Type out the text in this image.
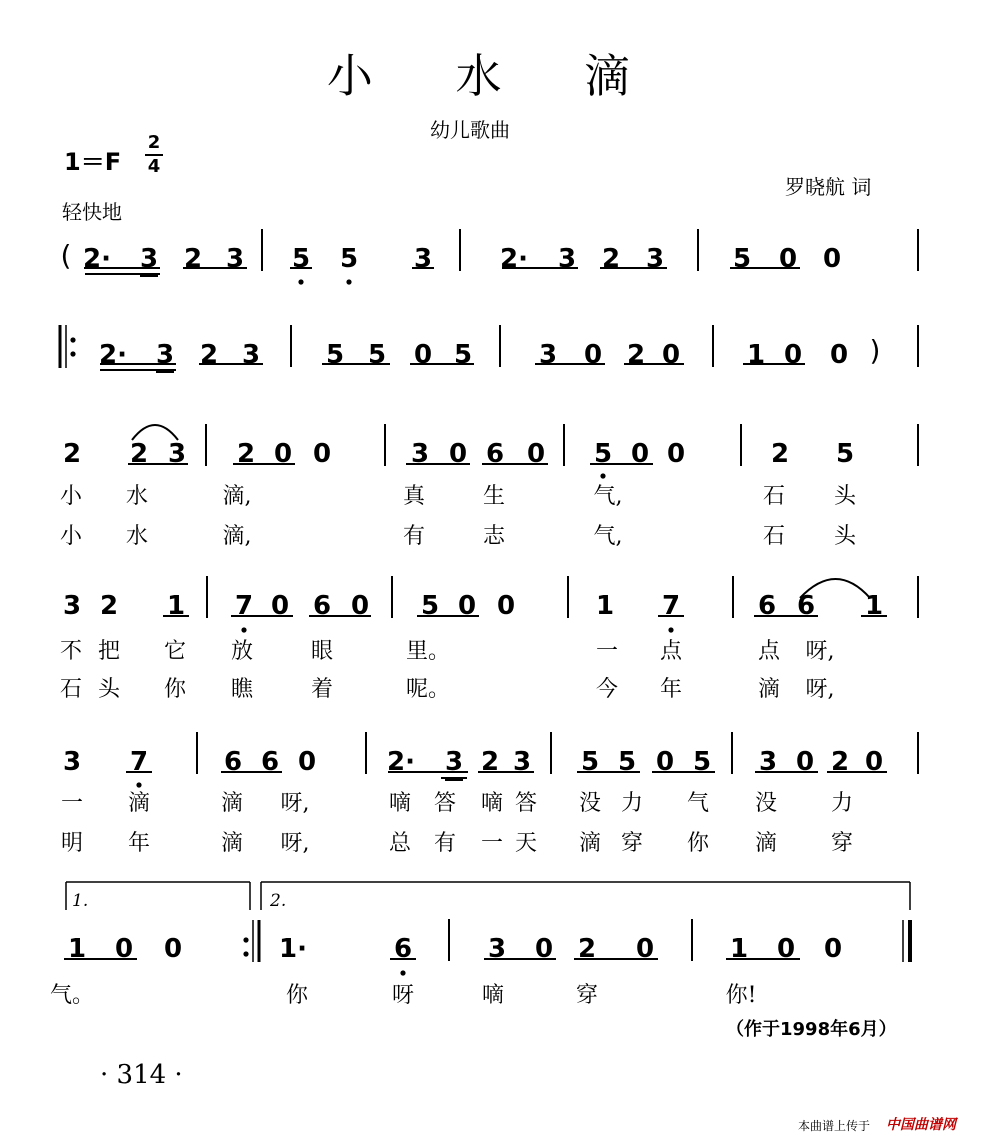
小 水 滴
幼儿歌曲
1＝F
2
4
轻快地
罗晓航 词
2· 3 2 3 5 5 3	2· 3 2 3	5 0 0
2· 3 2 3	5 5 0 5	3 0 2 0	1 0 0
2 2 3 2 0 0	3 0 6 0 5 0 0	2 5
小 水	滴,	真	生	气,	石 头
小 水	滴,	有	志	气,	石 头
3 2 1 7 0 6 0 5 0 0	1 7	6 6 1
不 把 它 放	眼	里。	一 点	点 呀,
石 头 你 瞧	着	呢。	今 年	滴 呀,
3 7	6 6 0	2· 3 2 3 5 5 0 5 3 0 2 0
一 滴	滴 呀,	嘀 答 嘀 答 没 力 气 没 力
明 年	滴 呀,	总 有 一 天 滴 穿 你 滴 穿
1 0 0	1·	6	3 0 2 0	1 0 0
气。	你	呀	嘀	穿	你!
(
)
1.	2.
（作于1998年6月）
· 314 ·
本曲谱上传于 中国曲谱网
